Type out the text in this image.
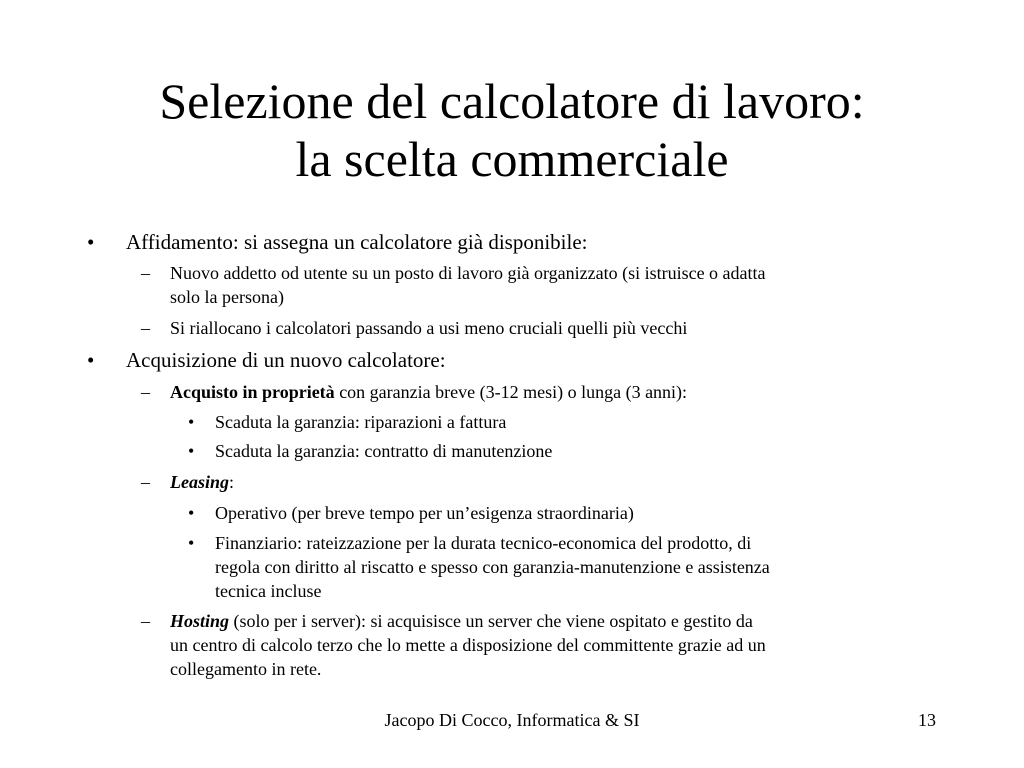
Selezione del calcolatore di lavoro:
la scelta commerciale
• Affidamento: si assegna un calcolatore già disponibile:
– Nuovo addetto od utente su un posto di lavoro già organizzato (si istruisce o adatta
solo la persona)
– Si riallocano i calcolatori passando a usi meno cruciali quelli più vecchi
• Acquisizione di un nuovo calcolatore:
– Acquisto in proprietà con garanzia breve (3-12 mesi) o lunga (3 anni):
• Scaduta la garanzia: riparazioni a fattura
• Scaduta la garanzia: contratto di manutenzione
– Leasing:
• Operativo (per breve tempo per un’esigenza straordinaria)
• Finanziario: rateizzazione per la durata tecnico-economica del prodotto, di
regola con diritto al riscatto e spesso con garanzia-manutenzione e assistenza
tecnica incluse
– Hosting (solo per i server): si acquisisce un server che viene ospitato e gestito da
un centro di calcolo terzo che lo mette a disposizione del committente grazie ad un
collegamento in rete.
Jacopo Di Cocco, Informatica & SI	13
